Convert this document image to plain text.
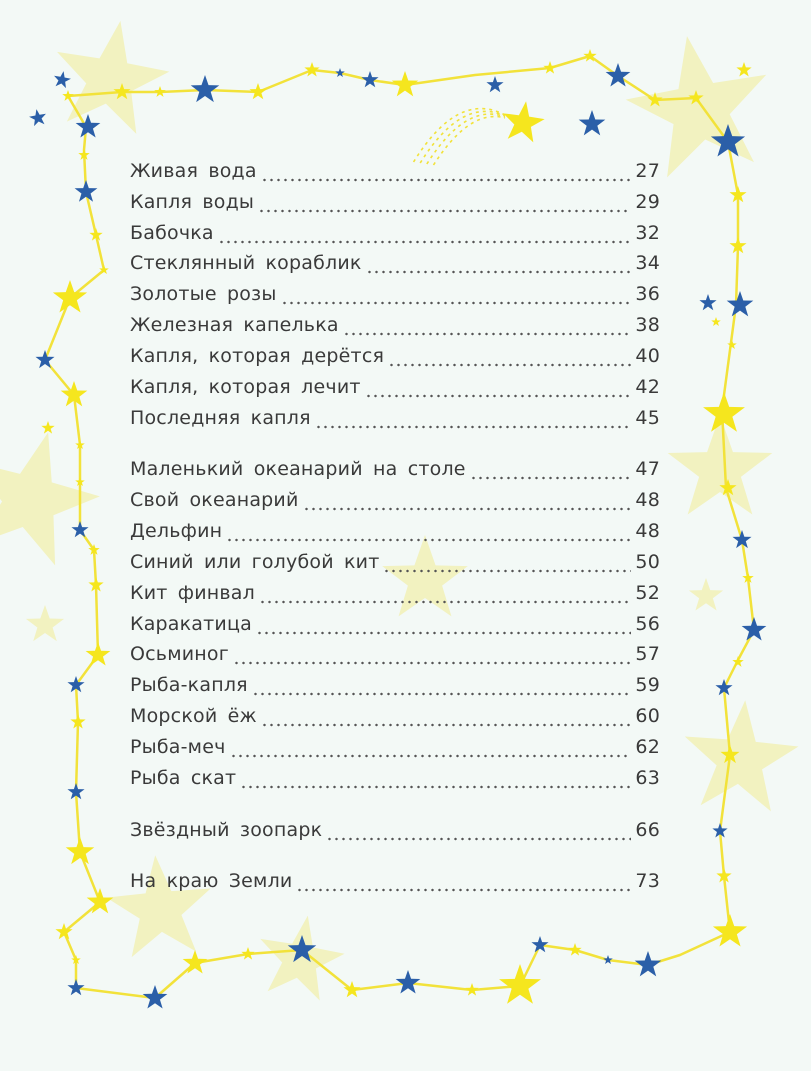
Живая вода	27
Капля воды	29
Бабочка	32
Стеклянный кораблик	34
Золотые розы	36
Железная капелька	38
Капля, которая дерётся	40
Капля, которая лечит	42
Последняя капля	45
Маленький океанарий на столе	47
Свой океанарий	48
Дельфин	48
Синий или голубой кит	50
Кит финвал	52
Каракатица	56
Осьминог	57
Рыба-капля	59
Морской ёж	60
Рыба-меч	62
Рыба скат	63
Звёздный зоопарк	66
На краю Земли	73
